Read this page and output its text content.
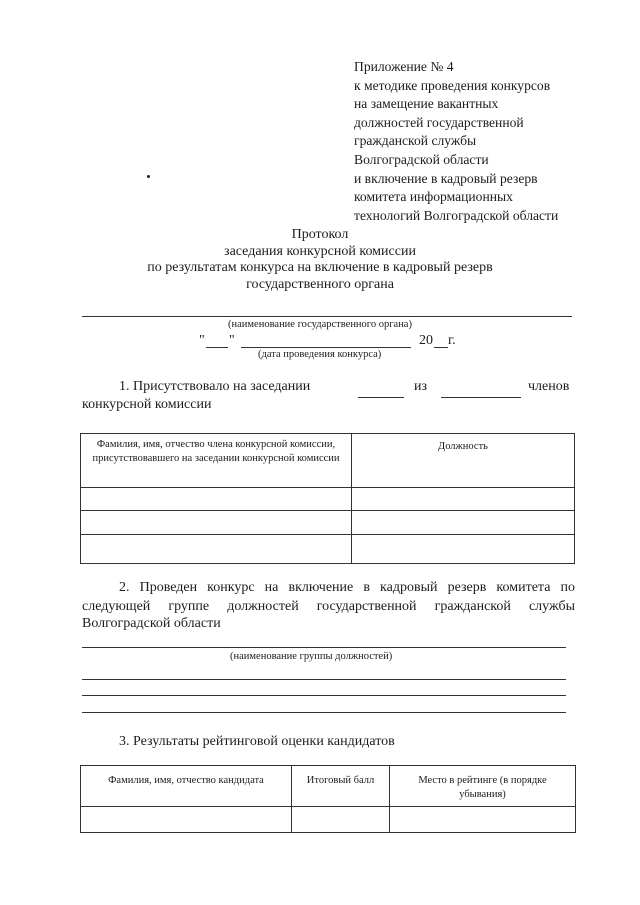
Приложение № 4
к методике проведения конкурсов
на замещение вакантных
должностей государственной
гражданской службы
Волгоградской области
и включение в кадровый резерв
комитета информационных
технологий Волгоградской области
Протокол
заседания конкурсной комиссии
по результатам конкурса на включение в кадровый резерв
государственного органа
(наименование государственного органа)
" "	20 г.
(дата проведения конкурса)
1. Присутствовало на заседании	из	членов
конкурсной комиссии
Фамилия, имя, отчество члена конкурсной комиссии, присутствовавшего на заседании конкурсной комиссии	Должность

2. Проведен конкурс на включение в кадровый резерв комитета по
следующей группе должностей государственной гражданской службы
Волгоградской области
(наименование группы должностей)
3. Результаты рейтинговой оценки кандидатов
Фамилия, имя, отчество кандидата	Итоговый балл	Место в рейтинге (в порядке убывания)
